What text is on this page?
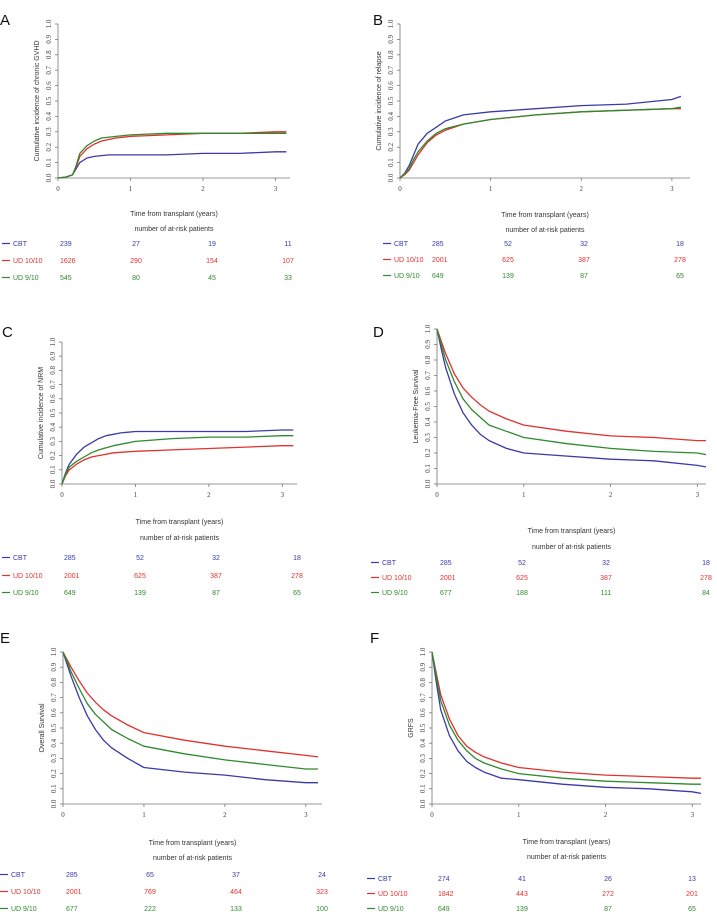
A
0.0
0.1
0.2
0.3
0.4
0.5
0.6
0.7
0.8
0.9
1.0
0	1	2	3
Cumulative incidence of chronic GVHD
Time from transplant (years)
number of at-risk patients
CBT	239	27	19	11
UD 10/10 1626	290	154	107
UD 9/10	545	80	45	33
B
0.0
0.1
0.2
0.3
0.4
0.5
0.6
0.7
0.8
0.9
1.0
0	1	2	3
Cumulative incidence of relapse
Time from transplant (years)
number of at-risk patients
CBT	285	52	32	18
UD 10/10 2001	625	387	278
UD 9/10 649	139	87	65
C
0.0
0.1
0.2
0.3
0.4
0.5
0.6
0.7
0.8
0.9
1.0
0	1	2	3
Cumulative incidence of NRM
Time from transplant (years)
number of at-risk patients
CBT	285	52	32	18
UD 10/10	2001	625	387	278
UD 9/10	649	139	87	65
D
0.0
0.1
0.2
0.3
0.4
0.5
0.6
0.7
0.8
0.9
1.0
0	1	2	3
Leukemia-Free Survival
Time from transplant (years)
number of at-risk patients
CBT	285	52	32	18
UD 10/10	2001	625	387	278
UD 9/10	677	188	111	84
E
0.0
0.1
0.2
0.3
0.4
0.5
0.6
0.7
0.8
0.9
1.0
0	1	2	3
Overall Survival
Time from transplant (years)
number of at-risk patients
CBT	285	65	37	24
UD 10/10	2001	769	464	323
UD 9/10	677	222	133	100
F
0.0
0.1
0.2
0.3
0.4
0.5
0.6
0.7
0.8
0.9
1.0
0	1	2	3
GRFS
Time from transplant (years)
number of at-risk patients
CBT	274	41	26	13
UD 10/10	1842	443	272	201
UD 9/10	649	139	87	65
